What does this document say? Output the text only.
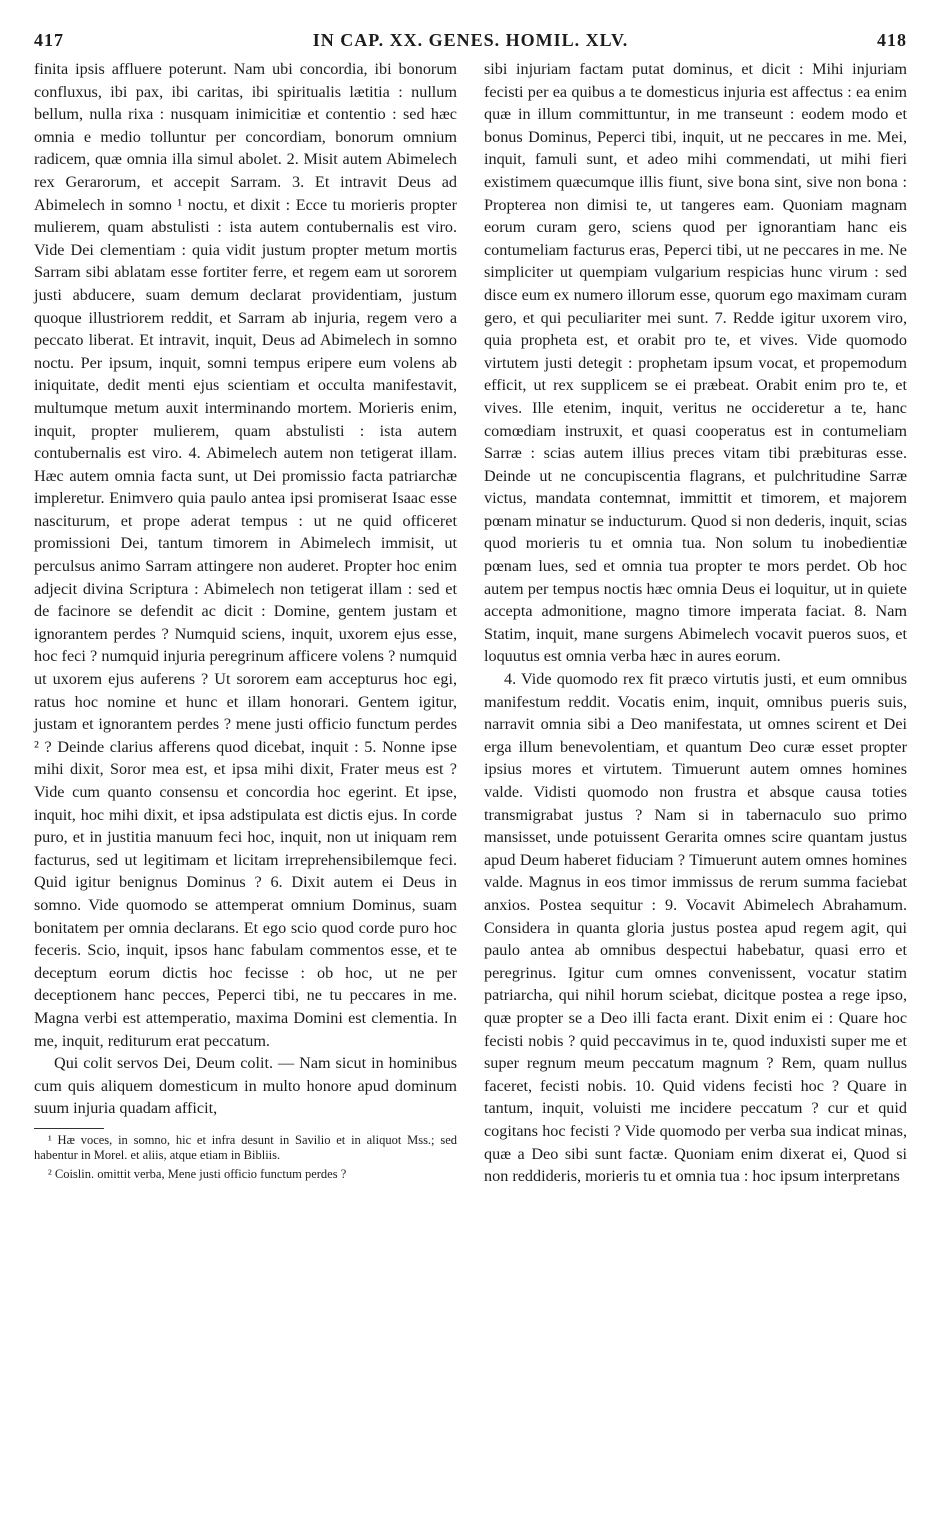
417	IN CAP. XX. GENES. HOMIL. XLV.	418

finita ipsis affluere poterunt. Nam ubi concordia, ibi bonorum confluxus, ibi pax, ibi caritas, ibi spiritualis lætitia : nullum bellum, nulla rixa : nusquam inimicitiæ et contentio : sed hæc omnia e medio tolluntur per concordiam, bonorum omnium radicem, quæ omnia illa simul abolet. 2. Misit autem Abimelech rex Gerarorum, et accepit Sarram. 3. Et intravit Deus ad Abimelech in somno ¹ noctu, et dixit : Ecce tu morieris propter mulierem, quam abstulisti : ista autem contubernalis est viro. Vide Dei clementiam : quia vidit justum propter metum mortis Sarram sibi ablatam esse fortiter ferre, et regem eam ut sororem justi abducere, suam demum declarat providentiam, justum quoque illustriorem reddit, et Sarram ab injuria, regem vero a peccato liberat. Et intravit, inquit, Deus ad Abimelech in somno noctu. Per ipsum, inquit, somni tempus eripere eum volens ab iniquitate, dedit menti ejus scientiam et occulta manifestavit, multumque metum auxit interminando mortem. Morieris enim, inquit, propter mulierem, quam abstulisti : ista autem contubernalis est viro. 4. Abimelech autem non tetigerat illam. Hæc autem omnia facta sunt, ut Dei promissio facta patriarchæ impleretur. Enimvero quia paulo antea ipsi promiserat Isaac esse nasciturum, et prope aderat tempus : ut ne quid officeret promissioni Dei, tantum timorem in Abimelech immisit, ut perculsus animo Sarram attingere non auderet. Propter hoc enim adjecit divina Scriptura : Abimelech non tetigerat illam : sed et de facinore se defendit ac dicit : Domine, gentem justam et ignorantem perdes ? Numquid sciens, inquit, uxorem ejus esse, hoc feci ? numquid injuria peregrinum afficere volens ? numquid ut uxorem ejus auferens ? Ut sororem eam accepturus hoc egi, ratus hoc nomine et hunc et illam honorari. Gentem igitur, justam et ignorantem perdes ? mene justi officio functum perdes ² ? Deinde clarius afferens quod dicebat, inquit : 5. Nonne ipse mihi dixit, Soror mea est, et ipsa mihi dixit, Frater meus est ? Vide cum quanto consensu et concordia hoc egerint. Et ipse, inquit, hoc mihi dixit, et ipsa adstipulata est dictis ejus. In corde puro, et in justitia manuum feci hoc, inquit, non ut iniquam rem facturus, sed ut legitimam et licitam irreprehensibilemque feci. Quid igitur benignus Dominus ? 6. Dixit autem ei Deus in somno. Vide quomodo se attemperat omnium Dominus, suam bonitatem per omnia declarans. Et ego scio quod corde puro hoc feceris. Scio, inquit, ipsos hanc fabulam commentos esse, et te deceptum eorum dictis hoc fecisse : ob hoc, ut ne per deceptionem hanc pecces, Peperci tibi, ne tu peccares in me. Magna verbi est attemperatio, maxima Domini est clementia. In me, inquit, rediturum erat peccatum.

Qui colit servos Dei, Deum colit. — Nam sicut in hominibus cum quis aliquem domesticum in multo honore apud dominum suum injuria quadam afficit,

¹ Hæ voces, in somno, hic et infra desunt in Savilio et in aliquot Mss.; sed habentur in Morel. et aliis, atque etiam in Bibliis.

² Coislin. omittit verba, Mene justi officio functum perdes ?

sibi injuriam factam putat dominus, et dicit : Mihi injuriam fecisti per ea quibus a te domesticus injuria est affectus : ea enim quæ in illum committuntur, in me transeunt : eodem modo et bonus Dominus, Peperci tibi, inquit, ut ne peccares in me. Mei, inquit, famuli sunt, et adeo mihi commendati, ut mihi fieri existimem quæcumque illis fiunt, sive bona sint, sive non bona : Propterea non dimisi te, ut tangeres eam. Quoniam magnam eorum curam gero, sciens quod per ignorantiam hanc eis contumeliam facturus eras, Peperci tibi, ut ne peccares in me. Ne simpliciter ut quempiam vulgarium respicias hunc virum : sed disce eum ex numero illorum esse, quorum ego maximam curam gero, et qui peculiariter mei sunt. 7. Redde igitur uxorem viro, quia propheta est, et orabit pro te, et vives. Vide quomodo virtutem justi detegit : prophetam ipsum vocat, et propemodum efficit, ut rex supplicem se ei præbeat. Orabit enim pro te, et vives. Ille etenim, inquit, veritus ne occideretur a te, hanc comœdiam instruxit, et quasi cooperatus est in contumeliam Sarræ : scias autem illius preces vitam tibi præbituras esse. Deinde ut ne concupiscentia flagrans, et pulchritudine Sarræ victus, mandata contemnat, immittit et timorem, et majorem pœnam minatur se inducturum. Quod si non dederis, inquit, scias quod morieris tu et omnia tua. Non solum tu inobedientiæ pœnam lues, sed et omnia tua propter te mors perdet. Ob hoc autem per tempus noctis hæc omnia Deus ei loquitur, ut in quiete accepta admonitione, magno timore imperata faciat. 8. Nam Statim, inquit, mane surgens Abimelech vocavit pueros suos, et loquutus est omnia verba hæc in aures eorum.

4. Vide quomodo rex fit præco virtutis justi, et eum omnibus manifestum reddit. Vocatis enim, inquit, omnibus pueris suis, narravit omnia sibi a Deo manifestata, ut omnes scirent et Dei erga illum benevolentiam, et quantum Deo curæ esset propter ipsius mores et virtutem. Timuerunt autem omnes homines valde. Vidisti quomodo non frustra et absque causa toties transmigrabat justus ? Nam si in tabernaculo suo primo mansisset, unde potuissent Gerarita omnes scire quantam justus apud Deum haberet fiduciam ? Timuerunt autem omnes homines valde. Magnus in eos timor immissus de rerum summa faciebat anxios. Postea sequitur : 9. Vocavit Abimelech Abrahamum. Considera in quanta gloria justus postea apud regem agit, qui paulo antea ab omnibus despectui habebatur, quasi erro et peregrinus. Igitur cum omnes convenissent, vocatur statim patriarcha, qui nihil horum sciebat, dicitque postea a rege ipso, quæ propter se a Deo illi facta erant. Dixit enim ei : Quare hoc fecisti nobis ? quid peccavimus in te, quod induxisti super me et super regnum meum peccatum magnum ? Rem, quam nullus faceret, fecisti nobis. 10. Quid videns fecisti hoc ? Quare in tantum, inquit, voluisti me incidere peccatum ? cur et quid cogitans hoc fecisti ? Vide quomodo per verba sua indicat minas, quæ a Deo sibi sunt factæ. Quoniam enim dixerat ei, Quod si non reddideris, morieris tu et omnia tua : hoc ipsum interpretans
